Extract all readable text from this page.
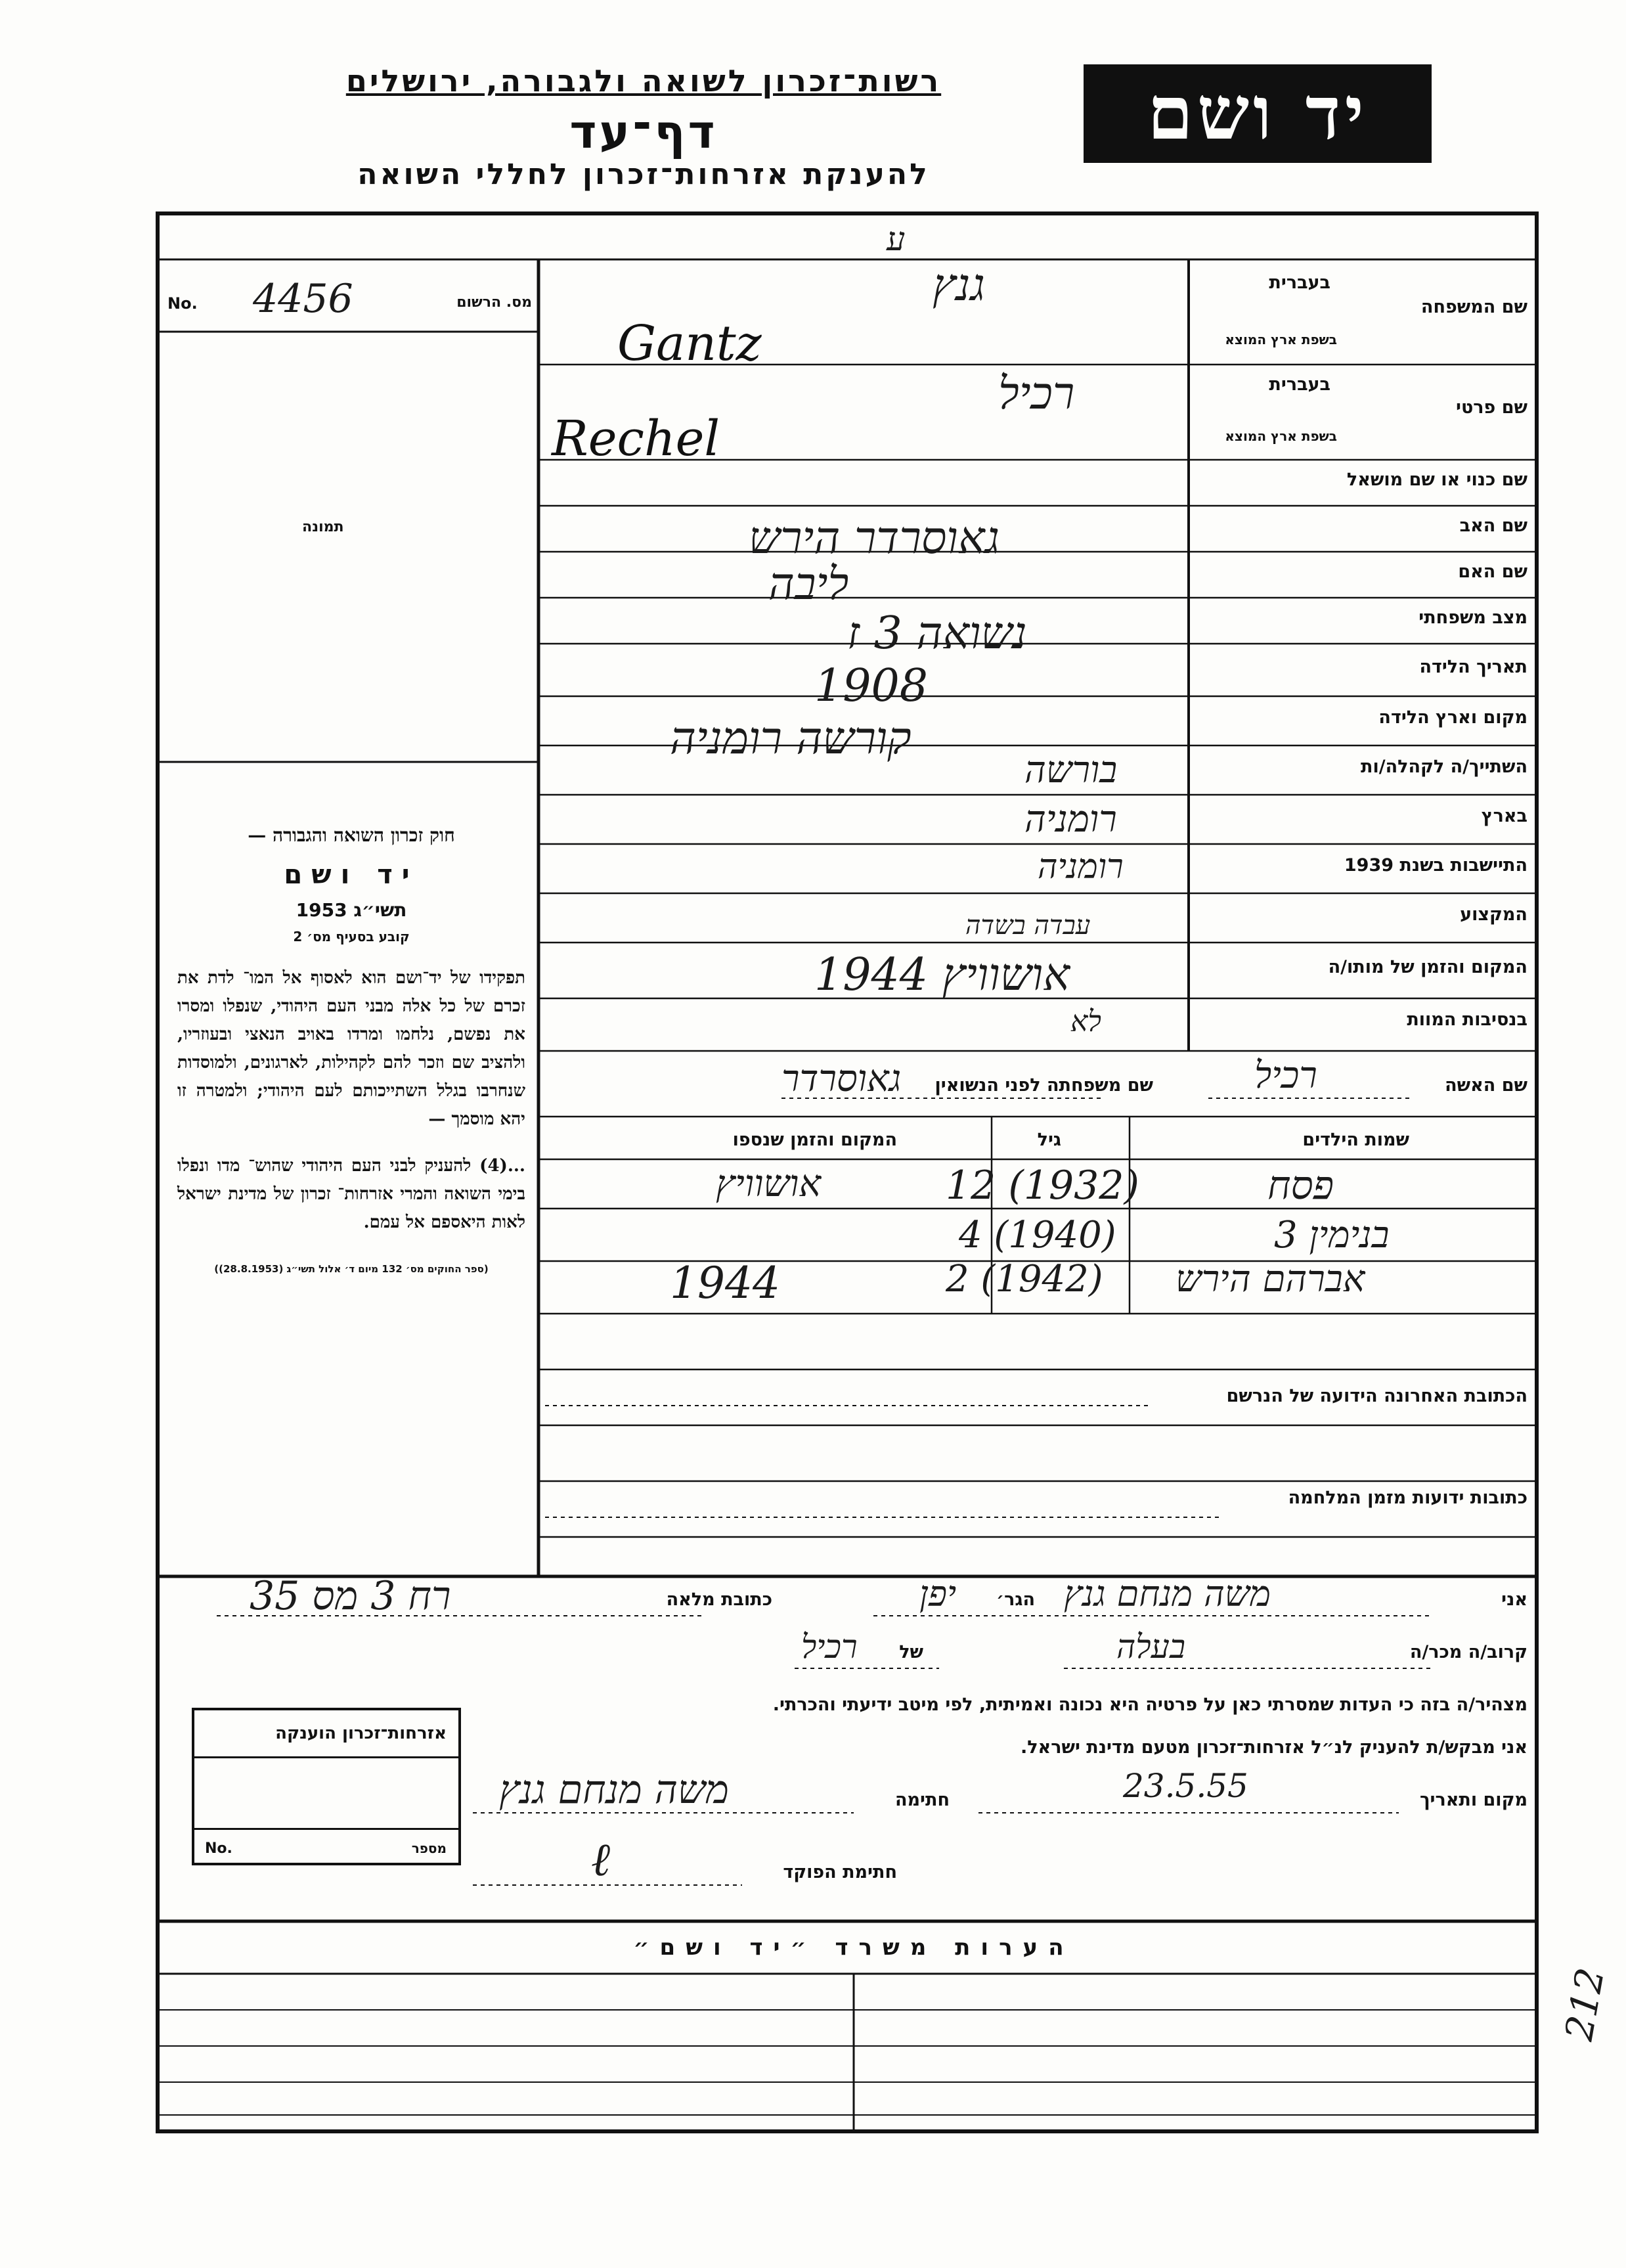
רשות־זכרון לשואה ולגבורה, ירושלים
דף־עד
להענקת אזרחות־זכרון לחללי השואה
יד ושם
ע
No. 4456	מס. הרשום
תמונה
חוק זכרון השואה והגבורה —
יד ושם
תשי״ג 1953
קובע בסעיף מס׳ 2
תפקידו של יד־ושם הוא לאסוף אל המו־ לדת את זכרם של כל אלה מבני העם היהודי, שנפלו ומסרו את נפשם, נלחמו ומרדו באויב הנאצי ובעוזריו, ולהציב שם וזכר להם לקהילות, לארגונים, ולמוסדות שנחרבו בגלל השתייכותם לעם היהודי; ולמטרה זו יהא מוסמך —
...(4) להעניק לבני העם היהודי שהוש־ מדו ונפלו בימי השואה והמרי אזרחות־ זכרון של מדינת ישראל לאות היאספם אל עמם.
(ספר החוקים מס׳ 132 מיום ד׳ אלול תשי״ג (28.8.1953))
בעברית
שם המשפחה
בשפת ארץ המוצא
בעברית
שם פרטי
בשפת ארץ המוצא
שם כנוי או שם מושאל
שם האב
שם האם
מצב משפחתי
תאריך הלידה
מקום וארץ הלידה
השתייך/ה לקהלה/ות
בארץ
התיישבות בשנת 1939
המקצוע
המקום והזמן של מותו/ה
בנסיבות המוות
שם האשה
שם משפחתה לפני הנשואין
שמות הילדים
גיל
המקום והזמן שנספו
הכתובת האחרונה הידועה של הנרשם
כתובות ידועות מזמן המלחמה
גנץ
Gantz
רכיל
Rechel
גאוסרדר הירש
ליבה
נשואה 3 ז
1908
קורשה רומניה
בורשה
רומניה
רומניה
עבדה בשדה
אושוויץ 1944
לא
רכיל
גאוסרדר
פסח
12 (1932)
אושוויץ
בנימין 3
4 (1940)
אברהם הירש
2 (1942)
1944
אני
משה מנחם גנץ
הגר׳
יפן
כתובת מלאה
רח 3 מס 35
קרוב/ה מכר/ה
בעלה
של
רכיל
מצהיר/ה בזה כי העדות שמסרתי כאן על פרטיה היא נכונה ואמיתית, לפי מיטב ידיעתי והכרתי.
אני מבקש/ת להעניק לנ״ל אזרחות־זכרון מטעם מדינת ישראל.
מקום ותאריך
23.5.55
חתימה
משה מנחם גנץ
חתימת הפוקד
ℓ
אזרחות־זכרון הוענקה
מספר
No.
הערות משרד ״יד ושם״
212
